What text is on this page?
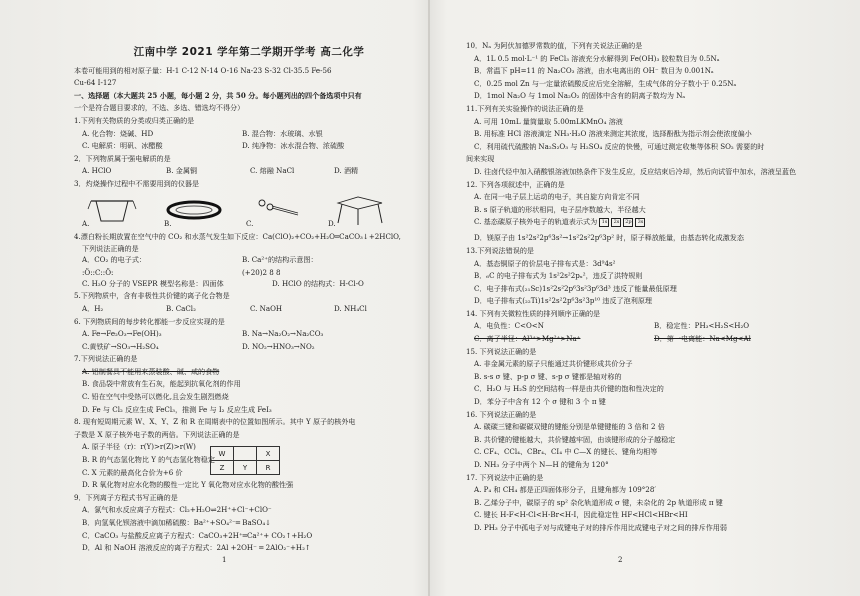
江南中学 2021 学年第二学期开学考 高二化学
本卷可能用到的相对原子量：H-1 C-12 N-14 O-16 Na-23 S-32 Cl-35.5 Fe-56
Cu-64 I-127
一、选择题（本大题共 25 小题，每小题 2 分，共 50 分。每小题列出的四个备选项中只有
一个是符合题目要求的，不选、多选、错选均不得分）
1.下列有关物质的分类或归类正确的是
A. 化合物：烧碱、HD	B. 混合物：水玻璃、水银
C. 电解质：明矾、冰醋酸	D. 纯净物：冰水混合物、浓硫酸
2．下列物质属于强电解质的是
A. HClO	B. 金属铜	C. 熔融 NaCl	D. 酒精
3．灼烧操作过程中不需要用到的仪器是
A.	B.	C.	D.
4.漂白粉长期放置在空气中的 CO₂ 和水蒸气发生如下反应：Ca(ClO)₂+CO₂+H₂O═CaCO₃↓+2HClO,
下列说法正确的是
A．CO₂ 的电子式：
:Ö::C::Ö:
B. Ca²⁺的结构示意图：
(+20)2 8 8
C. H₂O 分子的 VSEPR 模型名称是：四面体	D. HClO 的结构式：H-Cl-O
5.下列物质中，含有非极性共价键的离子化合物是
A．H₂	B. CaCl₂	C. NaOH	D. NH₄Cl
6. 下列物质间的每步转化都能一步反应实现的是
A. Fe→Fe₂O₃→Fe(OH)₃	B. Na→Na₂O₂→Na₂CO₃
C.黄铁矿→SO₃→H₂SO₄	D. NO₂→HNO₃→NO₂
7.下列说法正确的是
A. 铝制餐具不能用来蒸装酸、碱、咸的食物
B. 食品袋中常放有生石灰，能起到抗氧化剂的作用
C. 铅在空气中受热可以燃化,且会发生剧烈燃烧
D. Fe 与 Cl₂ 反应生成 FeCl₃，推测 Fe 与 I₂ 反应生成 FeI₃
8. 现有短周期元素 W、X、Y、Z 和 R 在周期表中的位置如图所示。其中 Y 原子的核外电
子数是 X 原子核外电子数的两倍。下列说法正确的是
A. 原子半径（r)：r(Y)>r(Z)>r(W)
B. R 的气态氢化物比 Y 的气态氢化物稳定
C. X 元素的最高化合价为+6 价
D. R 氧化物对应水化物的酸性一定比 Y 氧化物对应水化物的酸性强
9．下列离子方程式书写正确的是
A．氯气和水反应离子方程式：Cl₂+H₂O⇌2H⁺+Cl⁻+ClO⁻
B．向氢氧化钡溶液中滴加稀硫酸：Ba²⁺+SO₄²⁻═ BaSO₄↓
C．CaCO₃ 与盐酸反应离子方程式：CaCO₃+2H⁺═Ca²⁺+ CO₂↑+H₂O
D．Al 和 NaOH 溶液反应的离子方程式：2Al +2OH⁻ ═ 2AlO₂⁻+H₂↑
W		X
Z	Y	R
10．Nₐ 为阿伏加德罗常数的值，下列有关说法正确的是
A．1L 0.5 mol·L⁻¹ 的 FeCl₃ 溶液充分水解得到 Fe(OH)₃ 胶粒数目为 0.5Nₐ
B．常温下 pH=11 的 Na₂CO₃ 溶液，由水电离出的 OH⁻ 数目为 0.001Nₐ
C．0.25 mol Zn 与一定量浓硫酸反应后完全溶解，生成气体的分子数小于 0.25Nₐ
D．1mol Na₂O 与 1mol Na₂O₂ 的固体中含有的阴离子数均为 Nₐ
11.下列有关实验操作的说法正确的是
A. 可用 10mL 量筒量取 5.00mLKMnO₄ 溶液
B. 用标准 HCl 溶液滴定 NH₃·H₂O 溶液来测定其浓度，选择酚酞为指示剂会使浓度偏小
C．利用硫代硫酸钠 Na₂S₂O₃ 与 H₂SO₄ 反应的快慢，可通过测定收集等体积 SO₂ 需要的时
间来实现
D. 往卤代烃中加入硝酸银溶液加热条件下发生反应，反应结束后冷却，然后向试管中加水，溶液呈蓝色
12. 下列各项叙述中，正确的是
A. 在同一电子层上运动的电子，其自旋方向肯定不同
B. s 原子轨道的形状相同，电子层序数越大，半径越大
C. 基态碳原子核外电子的轨道表示式为 1s	2s	2p	3s
D．镁原子由 1s²2s²2p⁶3s²→1s²2s²2p⁶3p² 时，原子释放能量，由基态转化成激发态
13.下列说法错误的是
A．基态铜原子的价层电子排布式是：3d⁹4s²
B．₆C 的电子排布式为 1s²2s²2pₓ²，违反了洪特规则
C．电子排布式(₂₁Sc)1s²2s²2p⁶3s²3p⁶3d³ 违反了能量最低原理
D．电子排布式(₂₂Ti)1s²2s²2p⁶3s²3p¹⁰ 违反了泡利原理
14. 下列有关微粒性质的排列顺序正确的是
A．电负性：C<O<N	B．稳定性：PH₃<H₂S<H₂O
C．离子半径：Al³⁺>Mg²⁺>Na⁺	D．第一电离能：Na<Mg<Al
15. 下列说法正确的是
A. 非金属元素的原子只能通过共价键形成共价分子
B. s-s σ 键、p-p σ 键、s-p σ 键都是轴对称的
C．H₂O 与 H₂S 的空间结构一样是由共价键的饱和性决定的
D．苯分子中含有 12 个 σ 键和 3 个 π 键
16. 下列说法正确的是
A. 碳碳三键和碳碳双键的键能分别是单键键能的 3 倍和 2 倍
B. 共价键的键能越大，共价键越牢固，由该键形成的分子越稳定
C. CF₄、CCl₄、CBr₄、CI₄ 中 C—X 的键长、键角均相等
D. NH₃ 分子中两个 N—H 的键角为 120°
17. 下列说法中正确的是
A. P₄ 和 CH₄ 都是正四面体形分子，且键角都为 109°28′
B. 乙烯分子中，碳原子的 sp² 杂化轨道形成 σ 键，未杂化的 2p 轨道形成 π 键
C. 键长 H-F<H-Cl<H-Br<H-I，因此稳定性 HF<HCl<HBr<HI
D. PH₃ 分子中孤电子对与成键电子对的排斥作用比成键电子对之间的排斥作用弱
1	2
